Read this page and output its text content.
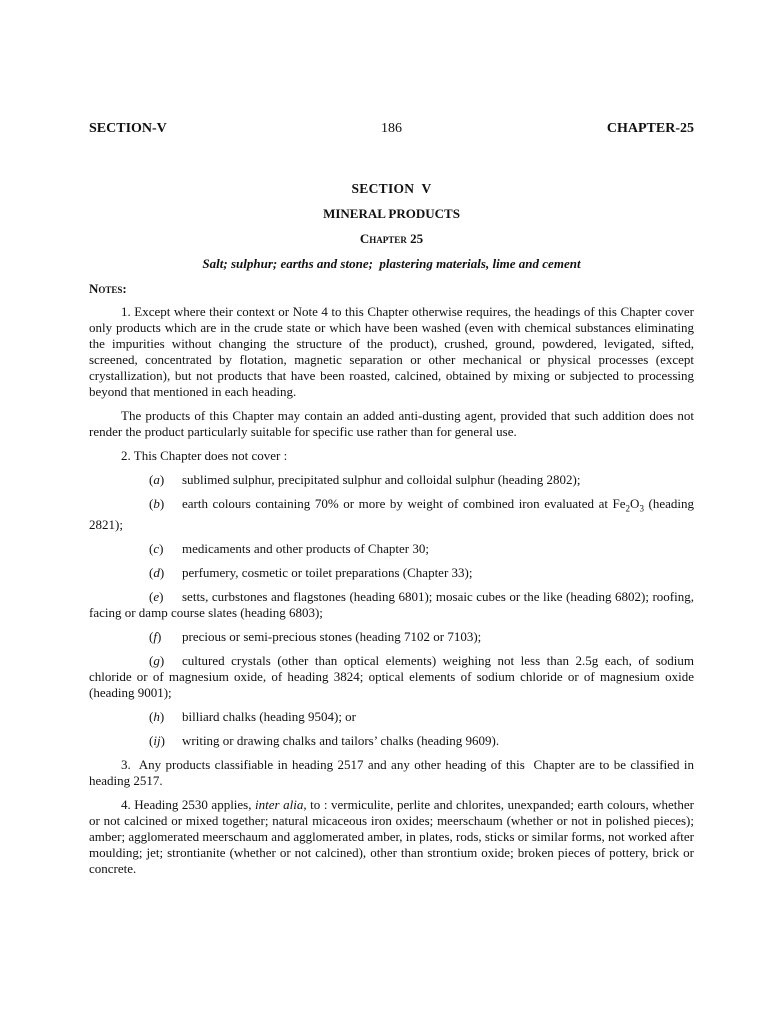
SECTION-V	186	CHAPTER-25
SECTION  V
MINERAL PRODUCTS
Chapter 25
Salt; sulphur; earths and stone;  plastering materials, lime and cement
Notes:

1. Except where their context or Note 4 to this Chapter otherwise requires, the headings of this Chapter cover only products which are in the crude state or which have been washed (even with chemical substances eliminating the impurities without changing the structure of the product), crushed, ground, powdered, levigated, sifted, screened, concentrated by flotation, magnetic separation or other mechanical or physical processes (except crystallization), but not products that have been roasted, calcined, obtained by mixing or subjected to processing beyond that mentioned in each heading.

The products of this Chapter may contain an added anti-dusting agent, provided that such addition does not render the product particularly suitable for specific use rather than for general use.

2. This Chapter does not cover :

(a) sublimed sulphur, precipitated sulphur and colloidal sulphur (heading 2802);
(b) earth colours containing 70% or more by weight of combined iron evaluated at $Fe_2O_3$ (heading 2821);
(c) medicaments and other products of Chapter 30;
(d) perfumery, cosmetic or toilet preparations (Chapter 33);
(e) setts, curbstones and flagstones (heading 6801); mosaic cubes or the like (heading 6802); roofing, facing or damp course slates (heading 6803);
(f) precious or semi-precious stones (heading 7102 or 7103);
(g) cultured crystals (other than optical elements) weighing not less than 2.5g each, of sodium chloride or of magnesium oxide, of heading 3824; optical elements of sodium chloride or of magnesium oxide (heading 9001);
(h) billiard chalks (heading 9504); or
(ij) writing or drawing chalks and tailors’ chalks (heading 9609).

3.  Any products classifiable in heading 2517 and any other heading of this  Chapter are to be classified in heading 2517.

4. Heading 2530 applies, inter alia, to : vermiculite, perlite and chlorites, unexpanded; earth colours, whether or not calcined or mixed together; natural micaceous iron oxides; meerschaum (whether or not in polished pieces); amber; agglomerated meerschaum and agglomerated amber, in plates, rods, sticks or similar forms, not worked after moulding; jet; strontianite (whether or not calcined), other than strontium oxide; broken pieces of pottery, brick or concrete.
